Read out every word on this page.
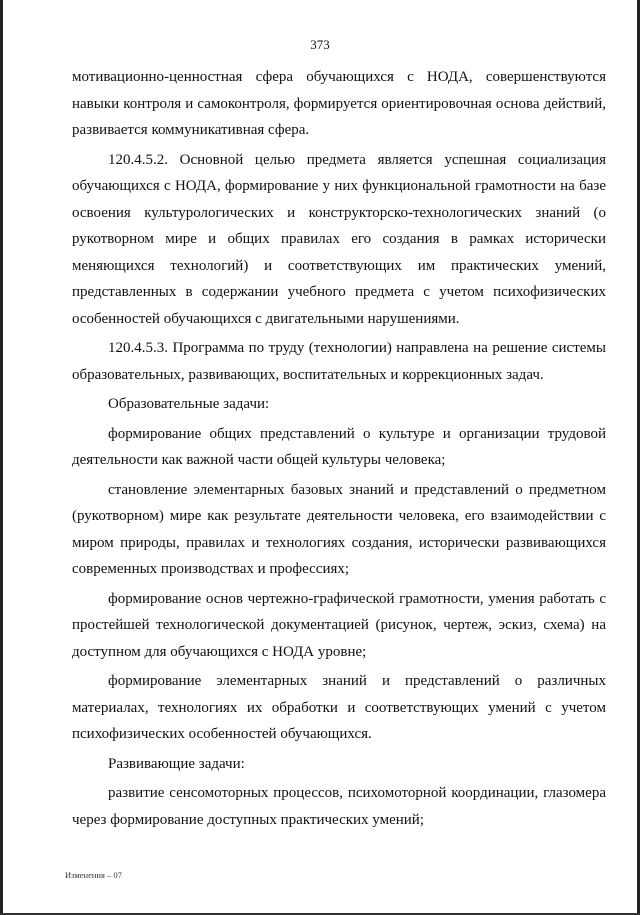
373

мотивационно-ценностная сфера обучающихся с НОДА, совершенствуются навыки контроля и самоконтроля, формируется ориентировочная основа действий, развивается коммуникативная сфера.

120.4.5.2. Основной целью предмета является успешная социализация обучающихся с НОДА, формирование у них функциональной грамотности на базе освоения культурологических и конструкторско-технологических знаний (о рукотворном мире и общих правилах его создания в рамках исторически меняющихся технологий) и соответствующих им практических умений, представленных в содержании учебного предмета с учетом психофизических особенностей обучающихся с двигательными нарушениями.

120.4.5.3. Программа по труду (технологии) направлена на решение системы образовательных, развивающих, воспитательных и коррекционных задач.

Образовательные задачи:

формирование общих представлений о культуре и организации трудовой деятельности как важной части общей культуры человека;

становление элементарных базовых знаний и представлений о предметном (рукотворном) мире как результате деятельности человека, его взаимодействии с миром природы, правилах и технологиях создания, исторически развивающихся современных производствах и профессиях;

формирование основ чертежно-графической грамотности, умения работать с простейшей технологической документацией (рисунок, чертеж, эскиз, схема) на доступном для обучающихся с НОДА уровне;

формирование элементарных знаний и представлений о различных материалах, технологиях их обработки и соответствующих умений с учетом психофизических особенностей обучающихся.

Развивающие задачи:

развитие сенсомоторных процессов, психомоторной координации, глазомера через формирование доступных практических умений;

Изменения – 07
